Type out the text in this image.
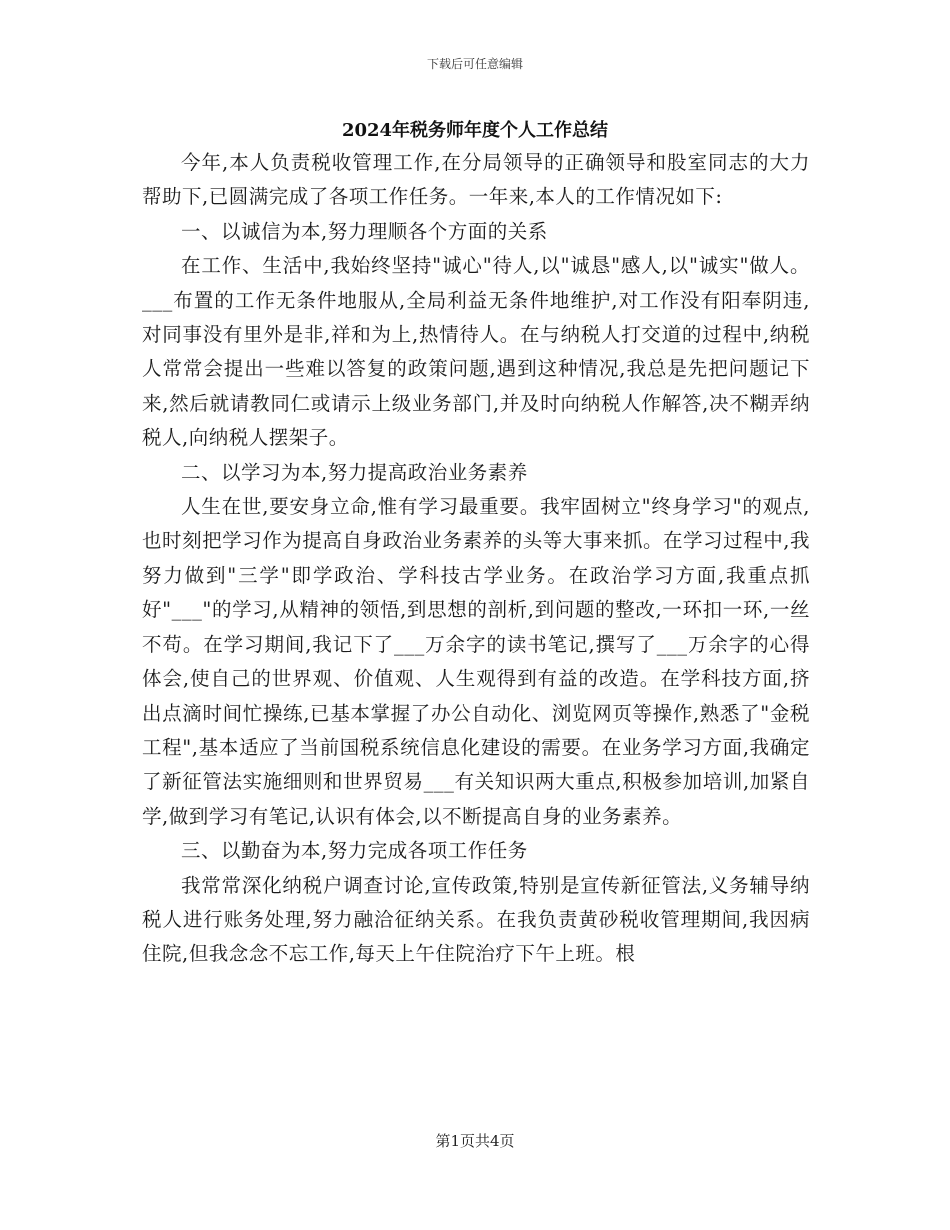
下载后可任意编辑
2024年税务师年度个人工作总结

今年,本人负责税收管理工作,在分局领导的正确领导和股室同志的大力帮助下,已圆满完成了各项工作任务。一年来,本人的工作情况如下:

一、以诚信为本,努力理顺各个方面的关系

在工作、生活中,我始终坚持"诚心"待人,以"诚恳"感人,以"诚实"做人。___布置的工作无条件地服从,全局利益无条件地维护,对工作没有阳奉阴违,对同事没有里外是非,祥和为上,热情待人。在与纳税人打交道的过程中,纳税人常常会提出一些难以答复的政策问题,遇到这种情况,我总是先把问题记下来,然后就请教同仁或请示上级业务部门,并及时向纳税人作解答,决不糊弄纳税人,向纳税人摆架子。

二、以学习为本,努力提高政治业务素养

人生在世,要安身立命,惟有学习最重要。我牢固树立"终身学习"的观点,也时刻把学习作为提高自身政治业务素养的头等大事来抓。在学习过程中,我努力做到"三学"即学政治、学科技古学业务。在政治学习方面,我重点抓好"___"的学习,从精神的领悟,到思想的剖析,到问题的整改,一环扣一环,一丝不苟。在学习期间,我记下了___万余字的读书笔记,撰写了___万余字的心得体会,使自己的世界观、价值观、人生观得到有益的改造。在学科技方面,挤出点滴时间忙操练,已基本掌握了办公自动化、浏览网页等操作,熟悉了"金税工程",基本适应了当前国税系统信息化建设的需要。在业务学习方面,我确定了新征管法实施细则和世界贸易___有关知识两大重点,积极参加培训,加紧自学,做到学习有笔记,认识有体会,以不断提高自身的业务素养。

三、以勤奋为本,努力完成各项工作任务

我常常深化纳税户调查讨论,宣传政策,特别是宣传新征管法,义务辅导纳税人进行账务处理,努力融洽征纳关系。在我负责黄砂税收管理期间,我因病住院,但我念念不忘工作,每天上午住院治疗下午上班。根

第1页共4页
